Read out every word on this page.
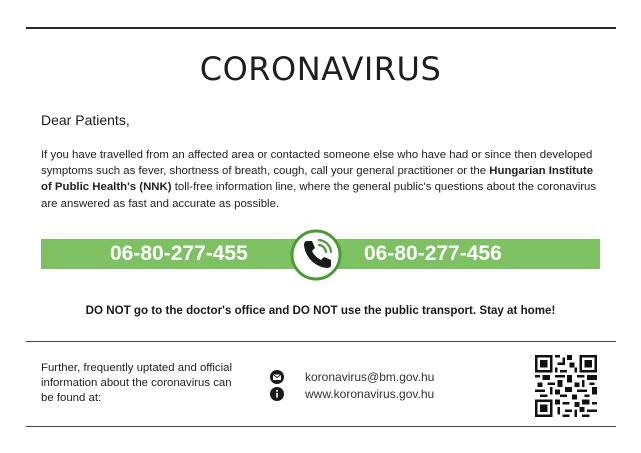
CORONAVIRUS
Dear Patients,
If you have travelled from an affected area or contacted someone else who have had or since then developed symptoms such as fever, shortness of breath, cough, call your general practitioner or the Hungarian Institute of Public Health's (NNK) toll-free information line, where the general public's questions about the coronavirus are answered as fast and accurate as possible.
06-80-277-455	06-80-277-456
DO NOT go to the doctor's office and DO NOT use the public transport. Stay at home!
Further, frequently uptated and official information about the coronavirus can be found at:
koronavirus@bm.gov.hu
www.koronavirus.gov.hu
